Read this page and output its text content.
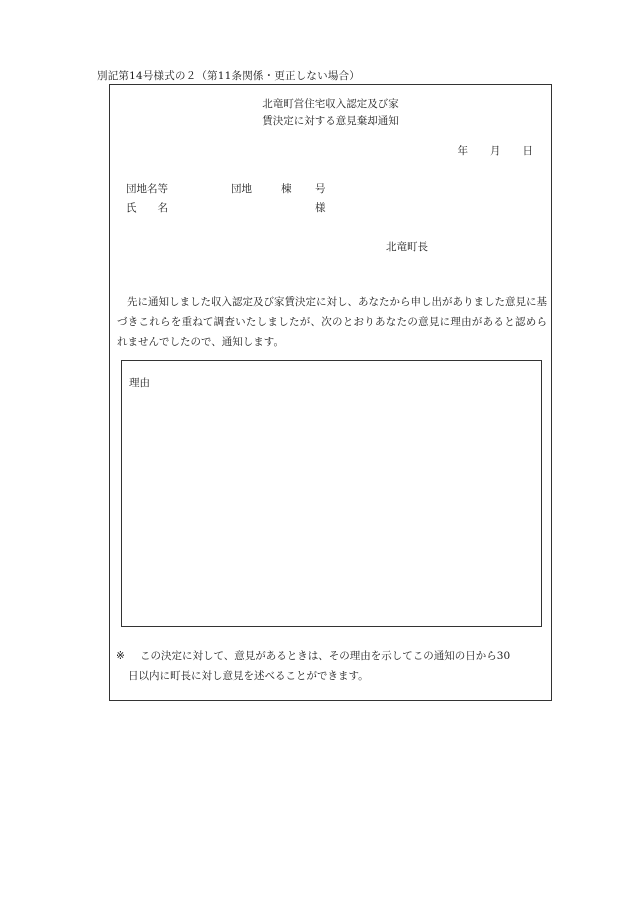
別記第14号様式の２（第11条関係・更正しない場合）
北竜町営住宅収入認定及び家
賃決定に対する意見棄却通知
年 月 日
団地名等	団地	棟 号
氏　　名	様
北竜町長
先に通知しました収入認定及び家賃決定に対し、あなたから申し出がありました意見に基づきこれらを重ねて調査いたしましたが、次のとおりあなたの意見に理由があると認められませんでしたので、通知します。
理由
※	この決定に対して、意見があるときは、その理由を示してこの通知の日から30
日以内に町長に対し意見を述べることができます。
